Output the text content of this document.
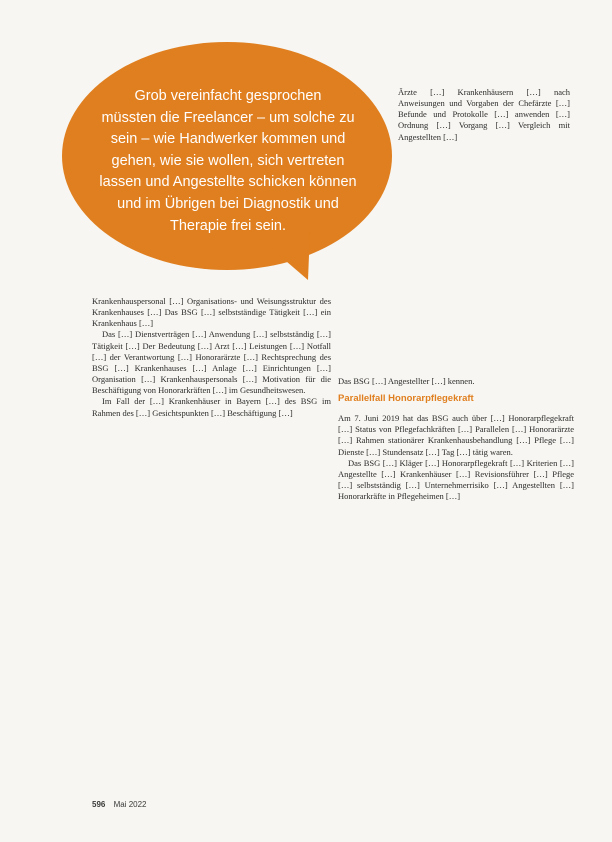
Grob vereinfacht gesprochen
müssten die Freelancer – um solche zu
sein – wie Handwerker kommen und
gehen, wie sie wollen, sich vertreten
lassen und Angestellte schicken können
und im Übrigen bei Diagnostik und
Therapie frei sein.

Ärzte […] Krankenhäusern […] nach Anweisungen und Vorgaben der Chefärzte […] Befunde und Protokolle […] anwenden […] Ordnung […] Vorgang […] Vergleich mit Angestellten […]

Krankenhauspersonal […] Organisations- und Weisungsstruktur des Krankenhauses […] Das BSG […] selbstständige Tätigkeit […] ein Krankenhaus […]

Das […] Dienstverträgen […] Anwendung […] selbstständig […] Tätigkeit […] Der Bedeutung […] Arzt […] Leistungen […] Notfall […] der Verantwortung […] Honorarärzte […] Rechtsprechung des BSG […] Krankenhauses […] Anlage […] Einrichtungen […] Organisation […] Krankenhauspersonals […] Motivation für die Beschäftigung von Honorarkräften […] im Gesundheitswesen.

Im Fall der […] Krankenhäuser in Bayern […] des BSG im Rahmen des […] Gesichtspunkten […] Beschäftigung […]

Das BSG […] Angestellter […] kennen.

Parallelfall Honorarpflegekraft

Am 7. Juni 2019 hat das BSG auch über […] Honorarpflegekraft […] Status von Pflegefachkräften […] Parallelen […] Honorarärzte […] Rahmen stationärer Krankenhausbehandlung […] Pflege […] Dienste […] Stundensatz […] Tag […] tätig waren.

Das BSG […] Kläger […] Honorarpflegekraft […] Kriterien […] Angestellte […] Krankenhäuser […] Revisionsführer […] Pflege […] selbstständig […] Unternehmerrisiko […] Angestellten […] Honorarkräfte in Pflegeheimen […]

596 Mai 2022
